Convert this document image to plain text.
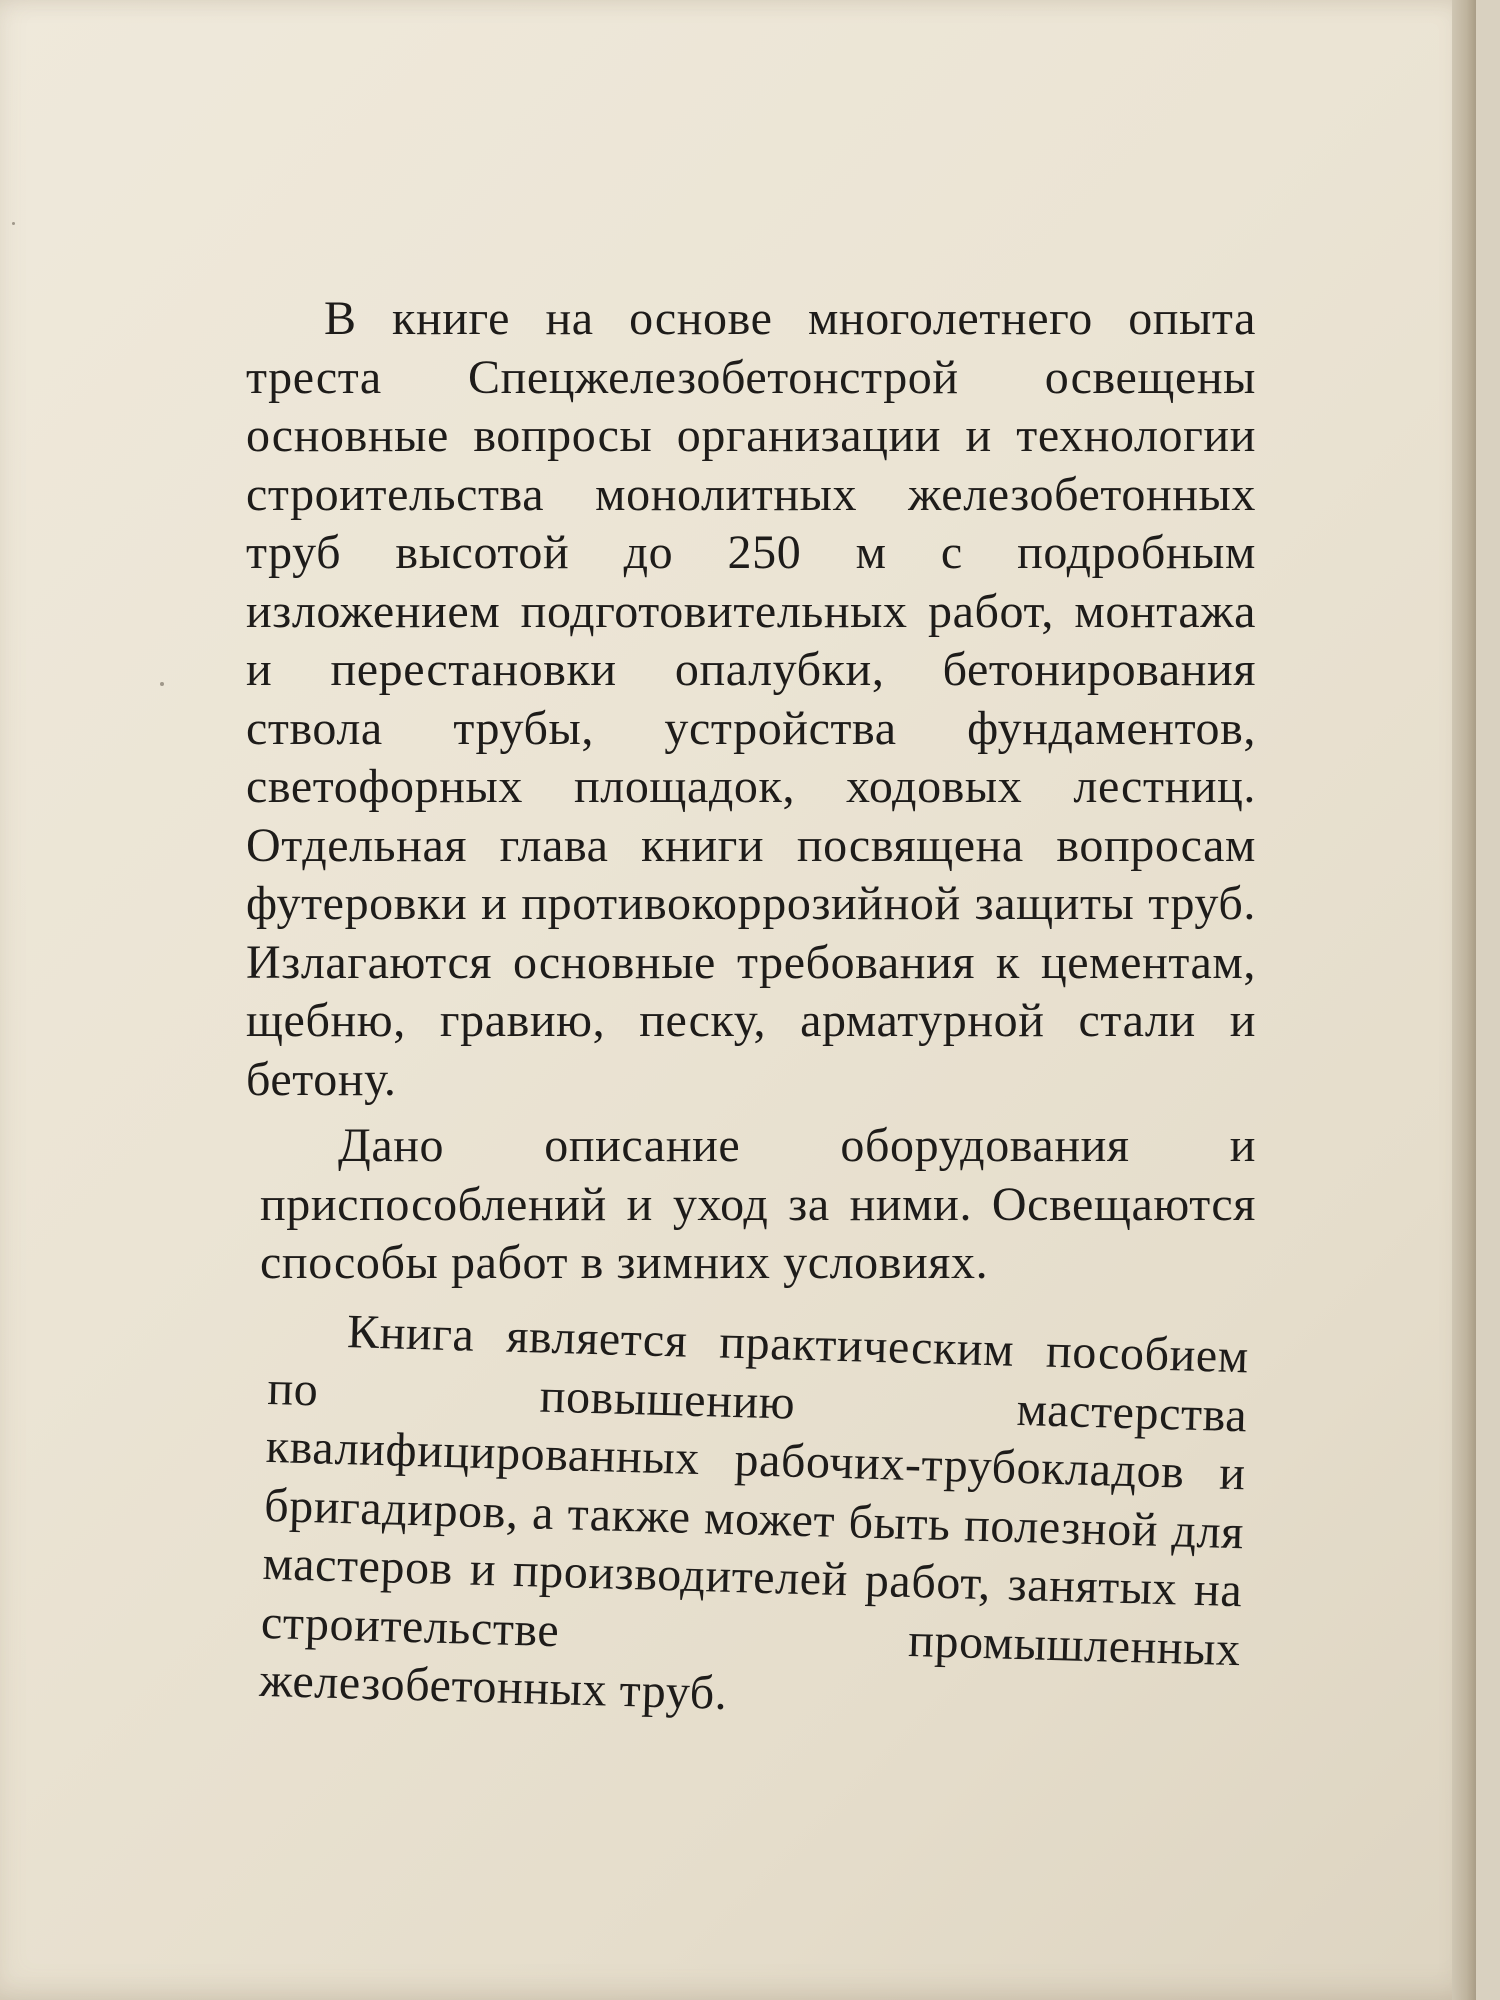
В книге на основе многолетнего опыта треста Спецжелезобетонстрой освещены основные вопросы организации и технологии строительства монолитных железобетонных труб высотой до 250 м с подробным изложением подготовительных работ, монтажа и перестановки опалубки, бетонирования ствола трубы, устройства фундаментов, светофорных площадок, ходовых лестниц. Отдельная глава книги посвящена вопросам футеровки и противокоррозийной защиты труб. Излагаются основные требования к цементам, щебню, гравию, песку, арматурной стали и бетону.

Дано описание оборудования и приспособлений и уход за ними. Освещаются способы работ в зимних условиях.

Книга является практическим пособием по повышению мастерства квалифицированных рабочих-трубокладов и бригадиров, а также может быть полезной для мастеров и производителей работ, занятых на строительстве промышленных железобетонных труб.
